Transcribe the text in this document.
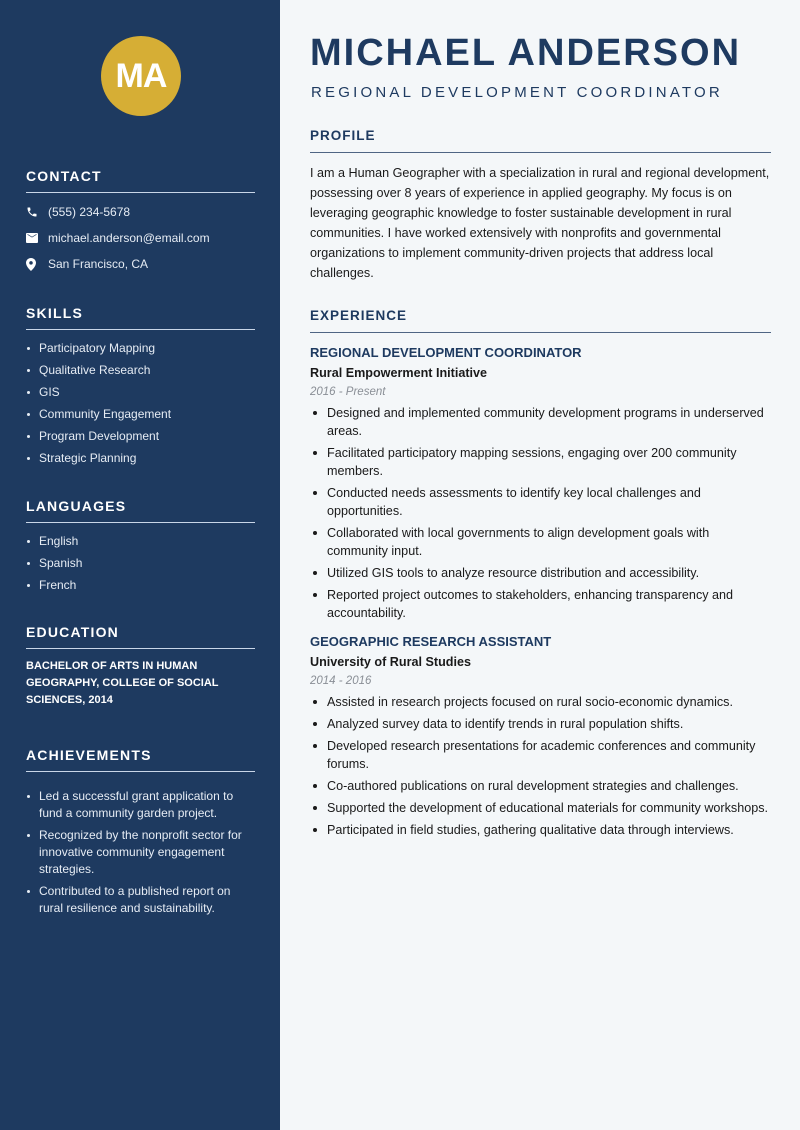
MA
CONTACT
(555) 234-5678
michael.anderson@email.com
San Francisco, CA
SKILLS
Participatory Mapping
Qualitative Research
GIS
Community Engagement
Program Development
Strategic Planning
LANGUAGES
English
Spanish
French
EDUCATION
BACHELOR OF ARTS IN HUMAN GEOGRAPHY, COLLEGE OF SOCIAL SCIENCES, 2014
ACHIEVEMENTS
Led a successful grant application to fund a community garden project.
Recognized by the nonprofit sector for innovative community engagement strategies.
Contributed to a published report on rural resilience and sustainability.
MICHAEL ANDERSON
REGIONAL DEVELOPMENT COORDINATOR
PROFILE
I am a Human Geographer with a specialization in rural and regional development, possessing over 8 years of experience in applied geography. My focus is on leveraging geographic knowledge to foster sustainable development in rural communities. I have worked extensively with nonprofits and governmental organizations to implement community-driven projects that address local challenges.
EXPERIENCE
REGIONAL DEVELOPMENT COORDINATOR
Rural Empowerment Initiative
2016 - Present
Designed and implemented community development programs in underserved areas.
Facilitated participatory mapping sessions, engaging over 200 community members.
Conducted needs assessments to identify key local challenges and opportunities.
Collaborated with local governments to align development goals with community input.
Utilized GIS tools to analyze resource distribution and accessibility.
Reported project outcomes to stakeholders, enhancing transparency and accountability.
GEOGRAPHIC RESEARCH ASSISTANT
University of Rural Studies
2014 - 2016
Assisted in research projects focused on rural socio-economic dynamics.
Analyzed survey data to identify trends in rural population shifts.
Developed research presentations for academic conferences and community forums.
Co-authored publications on rural development strategies and challenges.
Supported the development of educational materials for community workshops.
Participated in field studies, gathering qualitative data through interviews.
